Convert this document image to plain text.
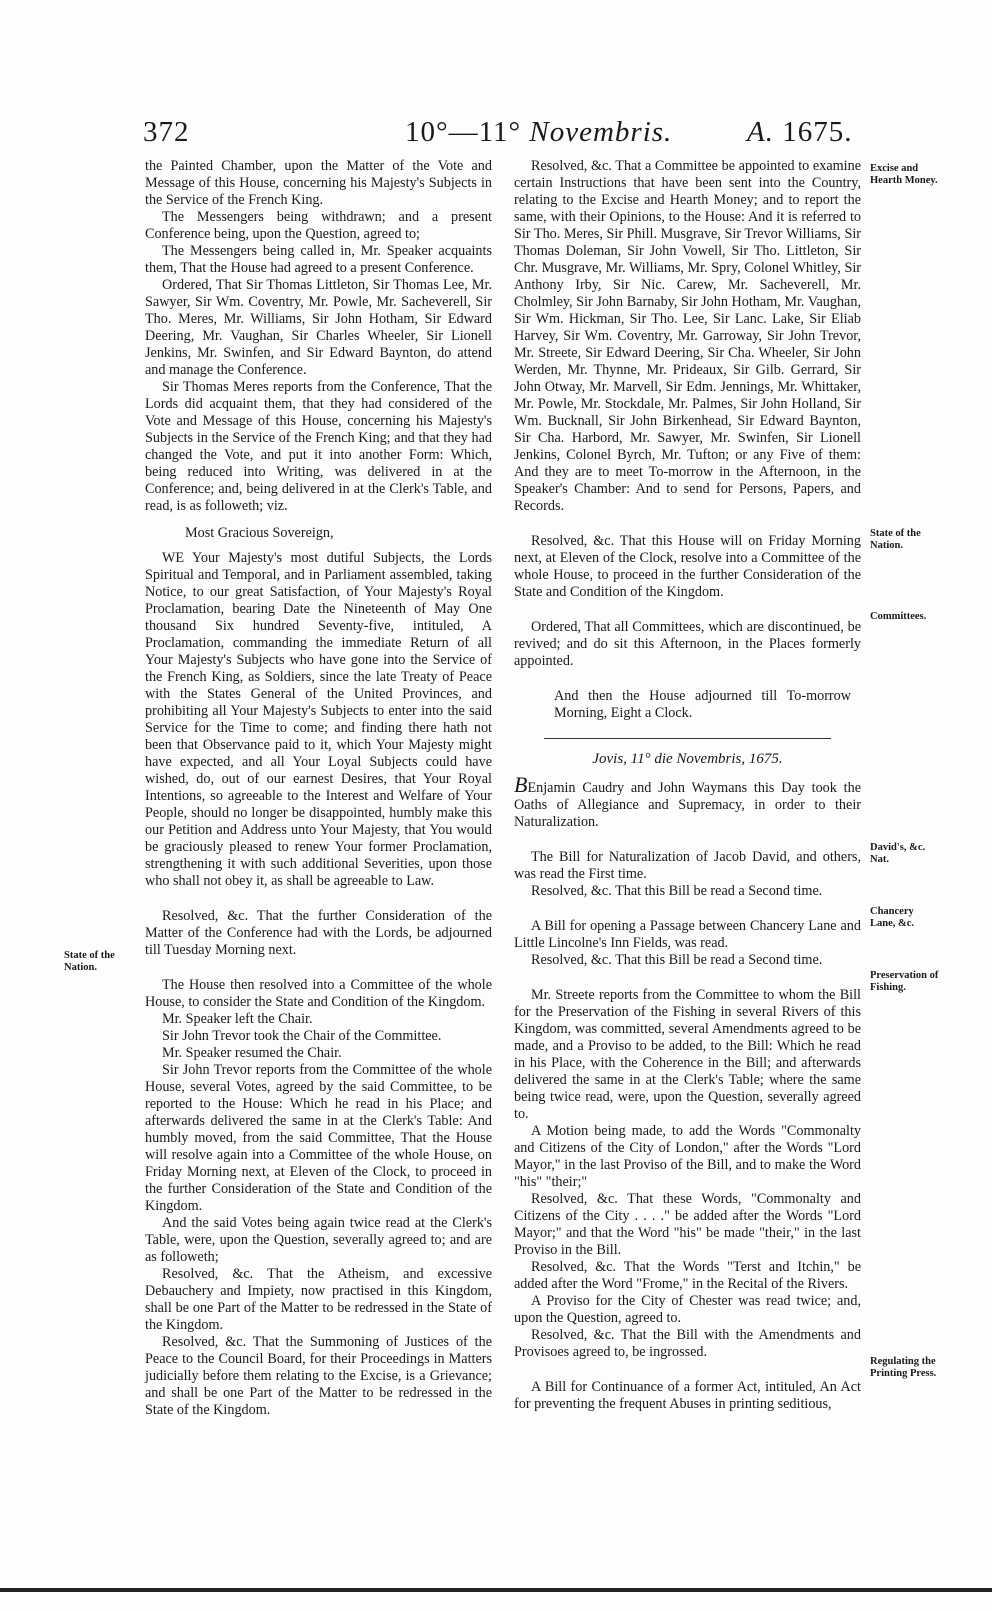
372	10°—11° Novembris.	A. 1675.

the Painted Chamber, upon the Matter of the Vote and Message of this House, concerning his Majesty's Subjects in the Service of the French King.

The Messengers being withdrawn; and a present Conference being, upon the Question, agreed to;

The Messengers being called in, Mr. Speaker acquaints them, That the House had agreed to a present Conference.

Ordered, That Sir Thomas Littleton, Sir Thomas Lee, Mr. Sawyer, Sir Wm. Coventry, Mr. Powle, Mr. Sacheverell, Sir Tho. Meres, Mr. Williams, Sir John Hotham, Sir Edward Deering, Mr. Vaughan, Sir Charles Wheeler, Sir Lionell Jenkins, Mr. Swinfen, and Sir Edward Baynton, do attend and manage the Conference.

Sir Thomas Meres reports from the Conference, That the Lords did acquaint them, that they had considered of the Vote and Message of this House, concerning his Majesty's Subjects in the Service of the French King; and that they had changed the Vote, and put it into another Form: Which, being reduced into Writing, was delivered in at the Conference; and, being delivered in at the Clerk's Table, and read, is as followeth; viz.

Most Gracious Sovereign,

WE Your Majesty's most dutiful Subjects, the Lords Spiritual and Temporal, and in Parliament assembled, taking Notice, to our great Satisfaction, of Your Majesty's Royal Proclamation, bearing Date the Nineteenth of May One thousand Six hundred Seventy-five, intituled, A Proclamation, commanding the immediate Return of all Your Majesty's Subjects who have gone into the Service of the French King, as Soldiers, since the late Treaty of Peace with the States General of the United Provinces, and prohibiting all Your Majesty's Subjects to enter into the said Service for the Time to come; and finding there hath not been that Observance paid to it, which Your Majesty might have expected, and all Your Loyal Subjects could have wished, do, out of our earnest Desires, that Your Royal Intentions, so agreeable to the Interest and Welfare of Your People, should no longer be disappointed, humbly make this our Petition and Address unto Your Majesty, that You would be graciously pleased to renew Your former Proclamation, strengthening it with such additional Severities, upon those who shall not obey it, as shall be agreeable to Law.

Resolved, &c. That the further Consideration of the Matter of the Conference had with the Lords, be adjourned till Tuesday Morning next.

The House then resolved into a Committee of the whole House, to consider the State and Condition of the Kingdom.

Mr. Speaker left the Chair.

Sir John Trevor took the Chair of the Committee.

Mr. Speaker resumed the Chair.

Sir John Trevor reports from the Committee of the whole House, several Votes, agreed by the said Committee, to be reported to the House: Which he read in his Place; and afterwards delivered the same in at the Clerk's Table: And humbly moved, from the said Committee, That the House will resolve again into a Committee of the whole House, on Friday Morning next, at Eleven of the Clock, to proceed in the further Consideration of the State and Condition of the Kingdom.

And the said Votes being again twice read at the Clerk's Table, were, upon the Question, severally agreed to; and are as followeth;

Resolved, &c. That the Atheism, and excessive Debauchery and Impiety, now practised in this Kingdom, shall be one Part of the Matter to be redressed in the State of the Kingdom.

Resolved, &c. That the Summoning of Justices of the Peace to the Council Board, for their Proceedings in Matters judicially before them relating to the Excise, is a Grievance; and shall be one Part of the Matter to be redressed in the State of the Kingdom.

Resolved, &c. That a Committee be appointed to examine certain Instructions that have been sent into the Country, relating to the Excise and Hearth Money; and to report the same, with their Opinions, to the House: And it is referred to Sir Tho. Meres, Sir Phill. Musgrave, Sir Trevor Williams, Sir Thomas Doleman, Sir John Vowell, Sir Tho. Littleton, Sir Chr. Musgrave, Mr. Williams, Mr. Spry, Colonel Whitley, Sir Anthony Irby, Sir Nic. Carew, Mr. Sacheverell, Mr. Cholmley, Sir John Barnaby, Sir John Hotham, Mr. Vaughan, Sir Wm. Hickman, Sir Tho. Lee, Sir Lanc. Lake, Sir Eliab Harvey, Sir Wm. Coventry, Mr. Garroway, Sir John Trevor, Mr. Streete, Sir Edward Deering, Sir Cha. Wheeler, Sir John Werden, Mr. Thynne, Mr. Prideaux, Sir Gilb. Gerrard, Sir John Otway, Mr. Marvell, Sir Edm. Jennings, Mr. Whittaker, Mr. Powle, Mr. Stockdale, Mr. Palmes, Sir John Holland, Sir Wm. Bucknall, Sir John Birkenhead, Sir Edward Baynton, Sir Cha. Harbord, Mr. Sawyer, Mr. Swinfen, Sir Lionell Jenkins, Colonel Byrch, Mr. Tufton; or any Five of them: And they are to meet To-morrow in the Afternoon, in the Speaker's Chamber: And to send for Persons, Papers, and Records.

Resolved, &c. That this House will on Friday Morning next, at Eleven of the Clock, resolve into a Committee of the whole House, to proceed in the further Consideration of the State and Condition of the Kingdom.

Ordered, That all Committees, which are discontinued, be revived; and do sit this Afternoon, in the Places formerly appointed.

And then the House adjourned till To-morrow Morning, Eight a Clock.

Jovis, 11° die Novembris, 1675.

BEnjamin Caudry and John Waymans this Day took the Oaths of Allegiance and Supremacy, in order to their Naturalization.

The Bill for Naturalization of Jacob David, and others, was read the First time.

Resolved, &c. That this Bill be read a Second time.

A Bill for opening a Passage between Chancery Lane and Little Lincolne's Inn Fields, was read.

Resolved, &c. That this Bill be read a Second time.

Mr. Streete reports from the Committee to whom the Bill for the Preservation of the Fishing in several Rivers of this Kingdom, was committed, several Amendments agreed to be made, and a Proviso to be added, to the Bill: Which he read in his Place, with the Coherence in the Bill; and afterwards delivered the same in at the Clerk's Table; where the same being twice read, were, upon the Question, severally agreed to.

A Motion being made, to add the Words "Commonalty and Citizens of the City of London," after the Words "Lord Mayor," in the last Proviso of the Bill, and to make the Word "his" "their;"

Resolved, &c. That these Words, "Commonalty and Citizens of the City . . . ." be added after the Words "Lord Mayor;" and that the Word "his" be made "their," in the last Proviso in the Bill.

Resolved, &c. That the Words "Terst and Itchin," be added after the Word "Frome," in the Recital of the Rivers.

A Proviso for the City of Chester was read twice; and, upon the Question, agreed to.

Resolved, &c. That the Bill with the Amendments and Provisoes agreed to, be ingrossed.

A Bill for Continuance of a former Act, intituled, An Act for preventing the frequent Abuses in printing seditious,

State of the Nation.
Excise and Hearth Money.
State of the Nation.
Committees.
David's, &c. Nat.
Chancery Lane, &c.
Preservation of Fishing.
Regulating the Printing Press.
